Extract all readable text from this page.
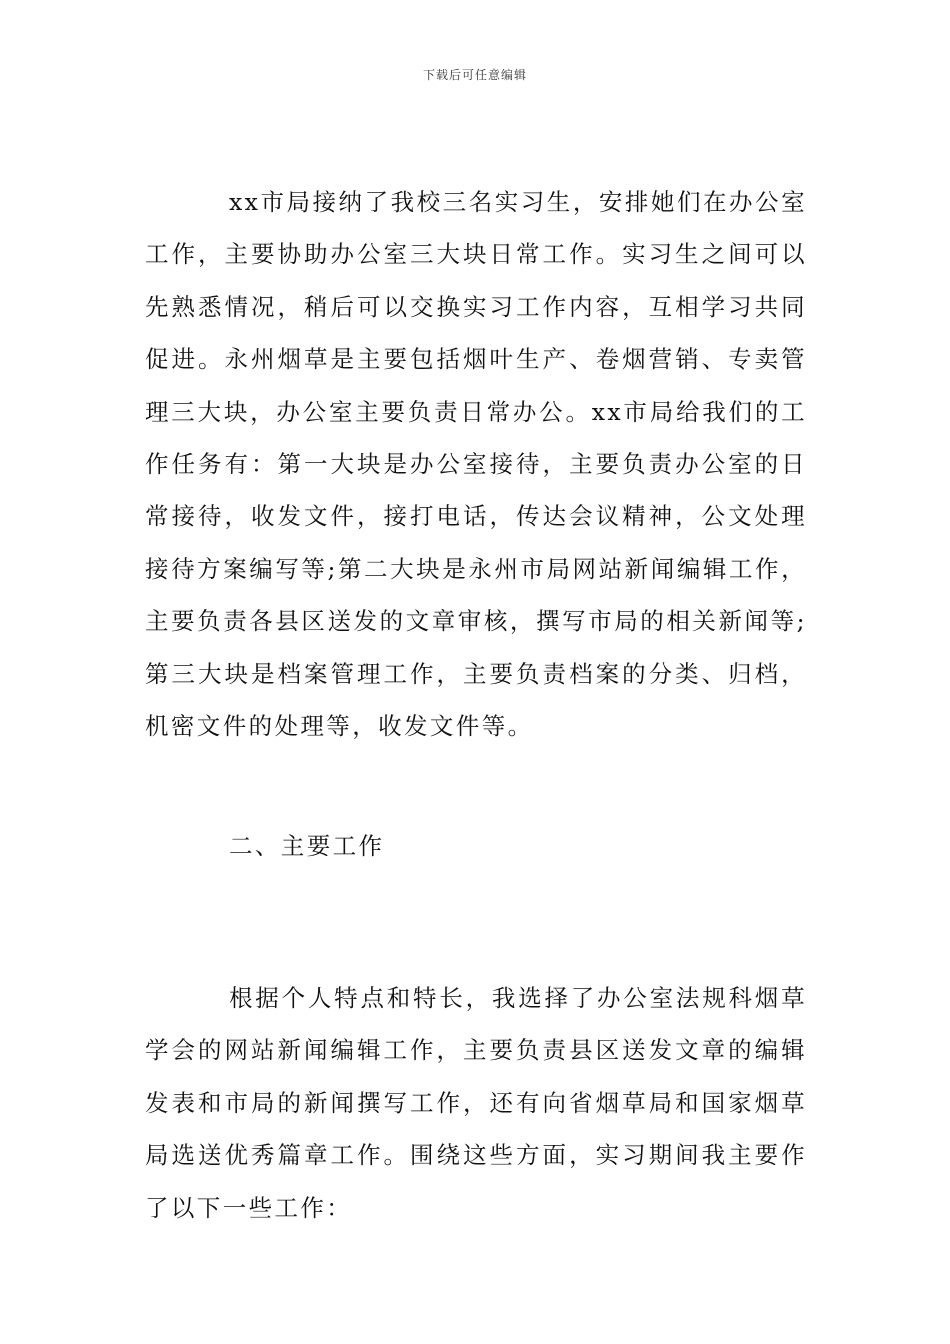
下载后可任意编辑

xx市局接纳了我校三名实习生，安排她们在办公室工作，主要协助办公室三大块日常工作。实习生之间可以先熟悉情况，稍后可以交换实习工作内容，互相学习共同促进。永州烟草是主要包括烟叶生产、卷烟营销、专卖管理三大块，办公室主要负责日常办公。xx市局给我们的工作任务有：第一大块是办公室接待，主要负责办公室的日常接待，收发文件，接打电话，传达会议精神，公文处理接待方案编写等;第二大块是永州市局网站新闻编辑工作，主要负责各县区送发的文章审核，撰写市局的相关新闻等;第三大块是档案管理工作，主要负责档案的分类、归档，机密文件的处理等，收发文件等。

二、主要工作

根据个人特点和特长，我选择了办公室法规科烟草学会的网站新闻编辑工作，主要负责县区送发文章的编辑发表和市局的新闻撰写工作，还有向省烟草局和国家烟草局选送优秀篇章工作。围绕这些方面，实习期间我主要作了以下一些工作：
